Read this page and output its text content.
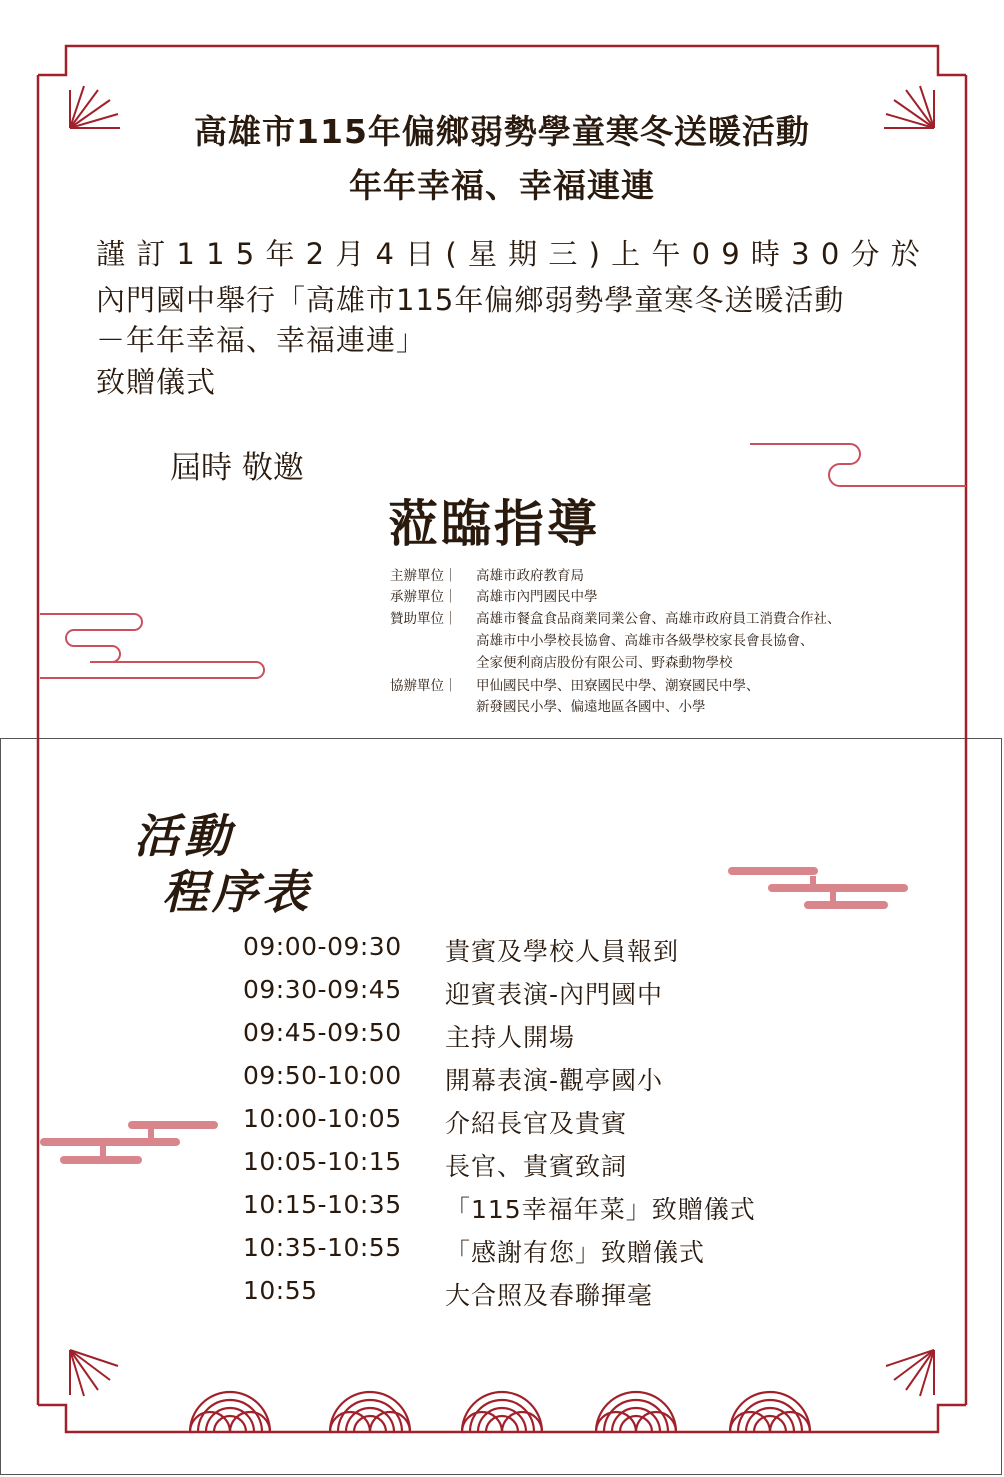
高雄市115年偏鄉弱勢學童寒冬送暖活動
年年幸福、幸福連連
謹 訂 1 1 5 年 2 月 4 日 ( 星 期 三 ) 上 午 0 9 時 3 0 分 於
內門國中舉行「高雄市115年偏鄉弱勢學童寒冬送暖活動
－年年幸福、幸福連連」
致贈儀式
屆時 敬邀
蒞臨指導
主辦單位｜ 高雄市政府教育局
承辦單位｜ 高雄市內門國民中學
贊助單位｜ 高雄市餐盒食品商業同業公會、高雄市政府員工消費合作社、
高雄市中小學校長協會、高雄市各級學校家長會長協會、
全家便利商店股份有限公司、野森動物學校
協辦單位｜ 甲仙國民中學、田寮國民中學、潮寮國民中學、
新發國民小學、偏遠地區各國中、小學
活動
程序表
09:00-09:30 貴賓及學校人員報到
09:30-09:45 迎賓表演-內門國中
09:45-09:50 主持人開場
09:50-10:00 開幕表演-觀亭國小
10:00-10:05 介紹長官及貴賓
10:05-10:15 長官、貴賓致詞
10:15-10:35 「115幸福年菜」致贈儀式
10:35-10:55 「感謝有您」致贈儀式
10:55	大合照及春聯揮毫
